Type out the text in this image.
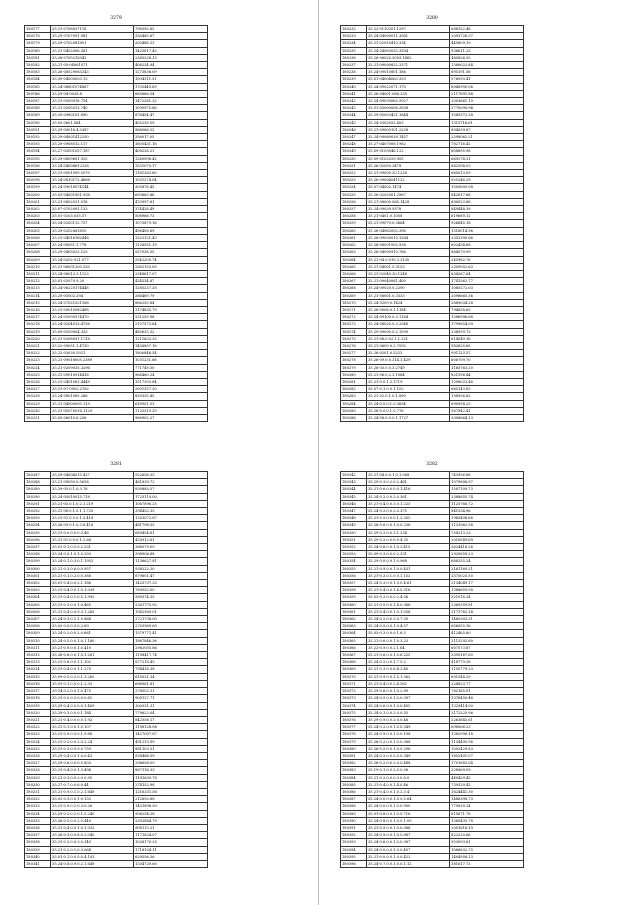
3279
180177	35.21-0708037118	798592.65
180178	35.29-0707091.981	326465.87
180179	35.29-0702081801	200488.31
180180	35.21-0402006.381	1425817.43
180181	35.26-0705210342	2385228.13
180182	35.21-05-04061571	406224.94
180183	35.26-08529083243	1273836.09
180184	35.39-04000053.13	1004311.51
180185	35.24-08601074887	1705449.69
180186	35.29-04-0028.8	685666.54
180187	35.21-0309018.754	1472261.32
180188	35.21-0205013.740	1090975.86
180189	35.39-0980101.890	876454.47
180190	35.05.0601.564	405239.59
180191	35.29-09016.4.3387	966068.52
180192	35.29-04001412250	356017.05
180193	35.29-0908012.117	1605431.16
180194	35.27-03001057.187	408226.21
180195	35.29-0809601.925	1260998.42
180196	35.24-04008612228	1531079.17
180197	35.21-0901099.5570	1181283.60
180198	35.24-0810172.4668	1031274.04
180199	35.24-09016574144	305876.45
180200	35.03-04001901.938	693663.86
180201	35.21-0802031.018	470997.61
180202	35.07-0702091.133	374428.49
180203	35.01-0103.035.57	508966.73
180204	35.24-0200112.757	1075879.16
180205	35.29-0202061810	496408.69
180206	35.21-04016162448	1322121.43
180207	35.24-09051.1.778	1128551.19
180208	35.29-0405022.125	537038.35
180209	35.24-0202-021.077	2542200.74
180210	35.21-06001200.320	2382193.05
180211	35.24-06013.3.1123	2348617.07
180212	35.01-02070.9.20	424534.87
180213	35.24-06220174448	1285237.28
180214	35.29-05002.294	266469.79
180215	35.24-07021021168	886255.84
180216	35.21-09010582468	1174835.79
180217	35.24-01090574470	531255.98
180218	35.24-0204013.4756	2107573.64
180219	35.09-0109004.333	480633.32
180220	35.21-0208091.1718	1211633.33
180221	35.22-09051.1.4730	1456897.16
180222	35.22-03030.5921	1800846.54
180223	35.21-09018005.2389	1031231.66
180224	35.21-0209035.3296	771749.30
180225	35.21-09010914416	966460.24
180226	35.21-0401061.4449	1517393.84
180227	35.21-07-0902.2762	2001357.20
180228	35.24-0801085.266	839335.45
180229	35.21-04000093.119	616901.53
180230	35.21-05070016.1129	1125319.29
180231	35.05-06010.6.256	966902.27
3280
180232	35.22-0110201.1297	688152.48
180233	35.24-04090011.3061	2093726.37
180234	35.21-02010410.334	445809.19
180235	35.24-04083055.3594	936611.23
180236	35.26-06020.3093.1462	485826.20
180237	35.21-09090822.2571	1380022.84
180238	35.24-09010801.186	895191.56
180239	35.01-04004063.333	576093.41
180240	35.24-09022071.170	8940995.06
180241	35.26-04001.066.335	2117891.84
180242	35.24-09030062.5927	2003661.19
180243	35.01-05000006.3558	2770090.94
180244	35.29-05003421.1644	1569372.28
180245	35.24-0302052.403	1315716.61
180246	35.21-09000101.2228	894059.67
180247	35.24-09080039.1457	2598062.21
180248	35.27-0407008.1962	782716.42
180249	35.09-0103046.122	608895.98
180250	35.09-0102029.905	669274.31
180251	35.26-02050.3478	862594.03
180252	35.21-09000.20.1228	665013.09
180253	35.26-09004041122	925246.29
180254	35.07-04002.1474	1505693.08
180255	35.26-0202001.2967	842617.68
180256	35.21-08000.065.1428	690023.86
180257	35.24-09039.9378	849448.39
180258	35.21-0401.0.1058	619689.12
180259	35.21-09070.0.3664	926645.18
180260	35.26-04062002.396	1516014.96
180261	35.26-09030010.1264	2352399.66
180262	35.26-08001002.938	602434.68
180263	35.26-04090910.766	864079.99
180264	35.21-04.0.010.3.3130	245982.76
180265	35.21-04001.0.3153	2359052.63
180266	35.21-02040.30.1248	634267.64
180267	35.21-09040061.400	1741562.77
180268	35.24-09020.0.2290	1085272.03
180269	35.21-08001.0.3333	2098665.36
180270	35.24-0209.0.1424	2889034.28
180271	35.26-0008.0.1.1184	794658.65
180272	35.24-09100.0.3.1164	1586996.68
180273	35.24-08020.0.3.2048	1799654.09
180274	35.29-09090.0.2.1599	236939.72
180275	35.21-06.0.02.1.1.321	614049.16
180276	35.21-0609.0.2.7092	582625.65
180277	35.26-0201.0.5223	991123.57
180278	35.26-09.0.0.314.1.429	606709.70
180279	35.26-03.0.5.3.2749	1165763.20
180280	35.21-06.0.2.3.1064	821596.44
180281	35.21-0.0.1.2.1719	1208023.46
180282	35.07-0.1.0.0.1.102	665143.83
180283	35.21-02.0.1.0.1.890	198956.63
180284	35.24-0.0.0.1.0.3634	690958.23
180285	35.26-0.0.0.1.0.776	567942.41
180286	35.24-08.0.0.0.1.1727	2008664.13
3281
180287	35.29-04004015.427	922656.35
180288	35.21-09050.0.5658	461839.72
180289	35.29-05.0.1.0.3.76	830885.57
180290	35.24-05010015.718	1725119.00
180291	35.21-05.0.1.0.2.1.219	1067896.25
180292	35.21-08.0.1.0.1.1.725	394452.35
180293	35.21-01.0.5.0.1.3.418	1253072.87
180294	35.26-09.0.1.0.3.8.416	481798.55
180295	35.21-0.0.0.0.0.3.48	689454.61
180296	35.21-01.0.0.0.1.2.68	433912.61
180297	35.01-0.1.0.5.0.2.231	368579.09
180298	35.24-0.0.1.0.1.0.250	398906.88
180299	35.24-0.1.0.3.0.1.1952	1136627.81
180300	35.21-0.3.0.6.0.0.957	938222.20
180301	35.21-0.1.0.2.0.0.388	879601.47
180302	35.01-0.4.0.0.2.1.166	1425737.25
180303	35.21-0.4.0.0.1.5.1.039	789552.00
180304	35.21-0.4.0.1.0.5.1.992	569374.35
180305	35.21-0.3.0.0.1.0.465	2261775.92
180306	35.21-0.4.0.0.9.3.1.265	1942569.01
180307	35.24-0.3.0.1.1.0.864	2721738.00
180308	35.03-0.5.0.3.0.2.69	2703969.65
180309	35.24-0.2.0.0.2.0.661	1379771.41
180310	35.24-0.5.0.0.1.0.1.160	1867846.36
180311	35.21-0.9.0.0.1.0.410	2962055.86
180312	35.26-0.6.0.0.1.0.1.261	1198417.74
180313	35.21-0.8.0.0.1.1.302	877218.45
180314	35.21-0.4.0.0.1.1.270	794416.38
180315	35.09-0.5.0.2.0.1.3.262	615021.34
180316	35.01-0.1.0.5.0.1.2.33	686961.81
180317	35-14.0.2.0.0.1.0.475	278502.31
180318	35.21-0.0.0.2.0.0.0.61	909127.71
180319	35.29-0.4.0.2.0.0.1.409	300331.31
180320	35.29-0.3.0.0.0.1.184	779622.04
180321	35.21-0.4.0.0.0.0.1.92	842558.17
180322	35.21-0.1.0.0.1.0.107	1196128.06
180323	35.21-0.9.0.5.0.1.9.88	1427097.87
180324	35.21-0.2.0.0.2.0.2.24	491213.99
180325	35.21-0.3.0.0.9.0.759	881103.51
180326	35.29-0.4.0.0.1.0.0.43	558486.59
180327	35.29-0.6.0.0.0.5.803	296658.09
180328	35.21-0.4.0.0.1.3.494	867116.33
180329	35.21-0.3.0.0.2.0.0.95	1191639.78
180330	35.27-0.7.0.0.6.0.44	274152.98
180331	35.21-0.9.0.1.0.2.1.649	1216331.56
180332	35.02-0.3.0.0.1.0.133	212692.88
180333	35.21-0.9.0.1.0.3.0.26	1431898.50
180334	35.29-0.2.0.1.0.1.0.240	906254.28
180335	35.26-0.5.0.0.2.0.449	2392884.79
180336	35.21-0.4.0.0.1.0.1.032	908113.21
180337	35.26-0.3.0.0.6.0.2.040	1171624.07
180338	35.21-0.3.0.0.3.0.140	1026170.25
180339	35.21-0.2.0.1.0.3.064	1718104.11
180340	35.01-0.1.0.0.5.0.4.103	629556.36
180341	35.24-0.8.0.9.0.2.1.649	1334729.60
3282
180342	35.21-04.0.0.1.0.1.568	743956.88
180343	35.29-0.3.0.2.0.2.461	1079806.97
180344	35.21-0.6.0.0.0.0.1.416	1587109.73
180345	35.24-0.2.0.0.2.0.361	2588655.74
180346	35.21-0.4.0.0.3.0.1.225	1125766.72
180347	35.24-0.2.0.0.2.0.375	841534.96
180348	35.21-0.5.0.0.0.1.2.305	1965498.66
180349	35.26-0.6.0.0.1.0.0.236	1131062.56
180350	35.29-0.2.0.0.3.1.234	754213.23
180351	35.29-0.2.0.0.0.0.4.35	2018549.69
180352	35.24-0.6.0.0.1.0.3.415	2624418.26
180353	35.09-0.3.0.0.0.2.331	2920859.23
180354	35.29-0.0.0.9.1.0.968	688255.24
180355	35.21-0.9.0.0.1.0.0.431	2181169.21
180356	35.21-0.3.0.1.0.0.1.152	2575025.50
180357	35.24-0.3.0.0.1.0.0.4.61	2134049.17
180358	35.21-0.4.0.0.1.6.0.316	1586659.58
180359	35.03-0.2.0.0.0.2.4.56	521016.24
180360	35.21-0.5.0.0.1.4.0.366	2369359.81
180361	35.21-0.4.0.0.1.0.1.058	2173762.14
180362	35.24-0.2.0.0.3.0.7.30	1460303.51
180363	35.24-0.5.0.0.1.0.4.57	656055.16
180364	35.03-0.3.0.0.0.1.6.5	412465.60
180365	35.21-0.6.0.0.1.0.3.23	2113292.80
180366	35.22-0.9.0.0.2.1.64	607573.87
180367	35.21-0.6.0.0.1.0.6.225	3395167.60
180368	35.24-0.2.0.0.1.7.5.2	418779.28
180369	35.21-0.3.0.0.6.4.2.40	1150779.23
180370	35.21-0.9.0.0.1.5.1.562	691548.29
180371	35.21-0.4.0.0.2.4.562	324823.77
180372	35.29-0.6.0.0.1.0.2.89	782165.01
180373	35.24-0.5.0.0.1.0.0.397	1376450.46
180374	35.24-0.6.0.0.1.0.0.405	1329414.00
180375	35.24-0.1.0.0.2.0.0.55	2172225.96
180376	35.29-0.9.0.0.2.0.0.46	2263645.61
180377	35.24-0.2.0.0.1.0.0.349	698066.23
180378	35.24-0.9.0.0.1.0.0.198	1382996.18
180379	35.26-0.2.0.0.1.0.0.388	1134495.96
180380	35.26-0.5.0.0.1.0.0.296	1092429.83
180381	35.24-0.2.0.0.5.0.0.349	1852491.07
180382	35.26-0.2.0.0.2.0.0.488	1701683.04
180383	35.19-0.1.0.0.2.0.0.58	228969.09
180384	35.21-0.2.0.0.0.3.0.8.0	440429.42
180385	35.21-0.4.0.0.1.4.0.46	739329.43
180386	35.21-0.4.0.0.1.0.2.3.4	1624441.30
180387	35.24-0.0.0.0.1.0.0.5.64	1486398.73
180388	35.24-0.0.0.0.1.0.0.900	775839.24
180389	35.01-0.8.0.0.1.0.0.716	815671.78
180390	35.24-0.8.0.0.1.0.0.1.09	1369435.78
180391	35.21-0.9.0.0.1.0.0.368	2001616.19
180392	35.24-0.9.0.0.1.0.0.887	822220.66
180393	35.24-0.6.0.0.1.0.0.367	953093.61
180394	35.24-0.0.0.0.1.0.0.457	1066832.75
180395	35.21-0.0.0.0.1.0.0.422	1404958.13
180396	35.24-0.7.0.0.1.0.0.1.12	381617.73
